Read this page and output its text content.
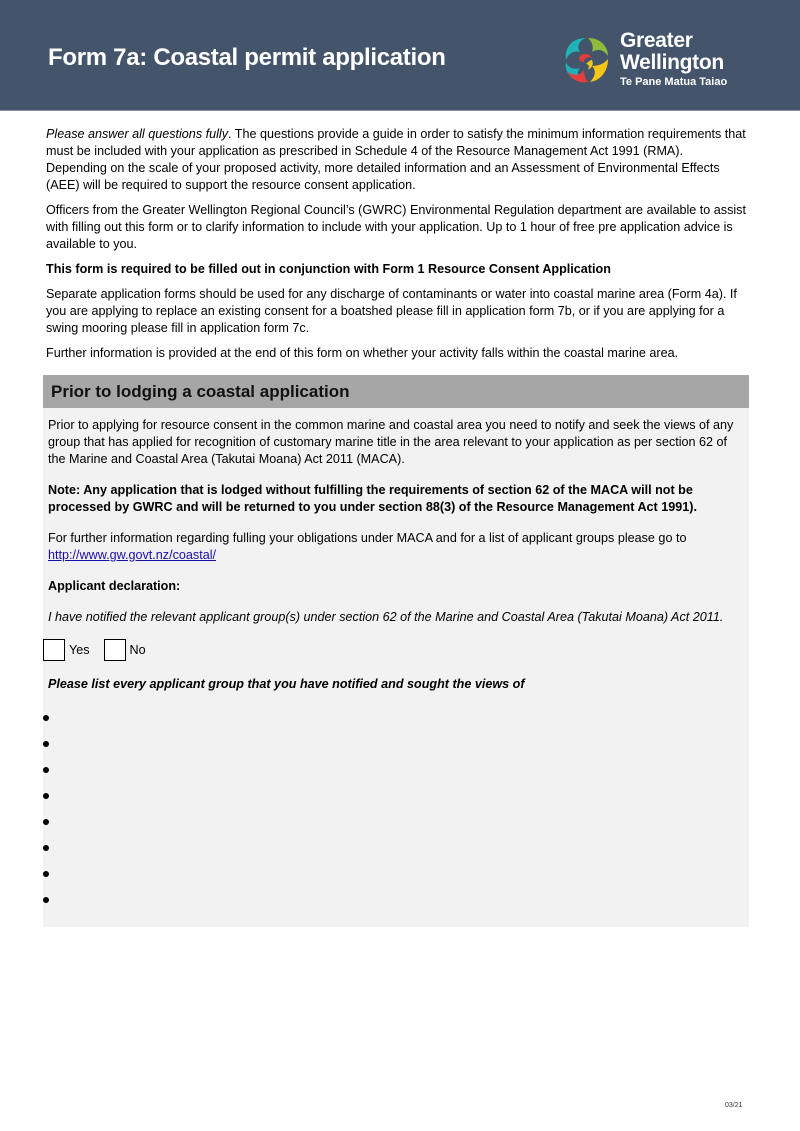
Form 7a: Coastal permit application
Greater
Wellington
Te Pane Matua Taiao

Please answer all questions fully. The questions provide a guide in order to satisfy the minimum information requirements that must be included with your application as prescribed in Schedule 4 of the Resource Management Act 1991 (RMA). Depending on the scale of your proposed activity, more detailed information and an Assessment of Environmental Effects (AEE) will be required to support the resource consent application.

Officers from the Greater Wellington Regional Council’s (GWRC) Environmental Regulation department are available to assist with filling out this form or to clarify information to include with your application. Up to 1 hour of free pre application advice is available to you.

This form is required to be filled out in conjunction with Form 1 Resource Consent Application

Separate application forms should be used for any discharge of contaminants or water into coastal marine area (Form 4a). If you are applying to replace an existing consent for a boatshed please fill in application form 7b, or if you are applying for a swing mooring please fill in application form 7c.

Further information is provided at the end of this form on whether your activity falls within the coastal marine area.

Prior to lodging a coastal application

Prior to applying for resource consent in the common marine and coastal area you need to notify and seek the views of any group that has applied for recognition of customary marine title in the area relevant to your application as per section 62 of the Marine and Coastal Area (Takutai Moana) Act 2011 (MACA).

Note: Any application that is lodged without fulfilling the requirements of section 62 of the MACA will not be processed by GWRC and will be returned to you under section 88(3) of the Resource Management Act 1991).

For further information regarding fulling your obligations under MACA and for a list of applicant groups please go to
http://www.gw.govt.nz/coastal/

Applicant declaration:

I have notified the relevant applicant group(s) under section 62 of the Marine and Coastal Area (Takutai Moana) Act 2011.

Yes	No

Please list every applicant group that you have notified and sought the views of

03/21
